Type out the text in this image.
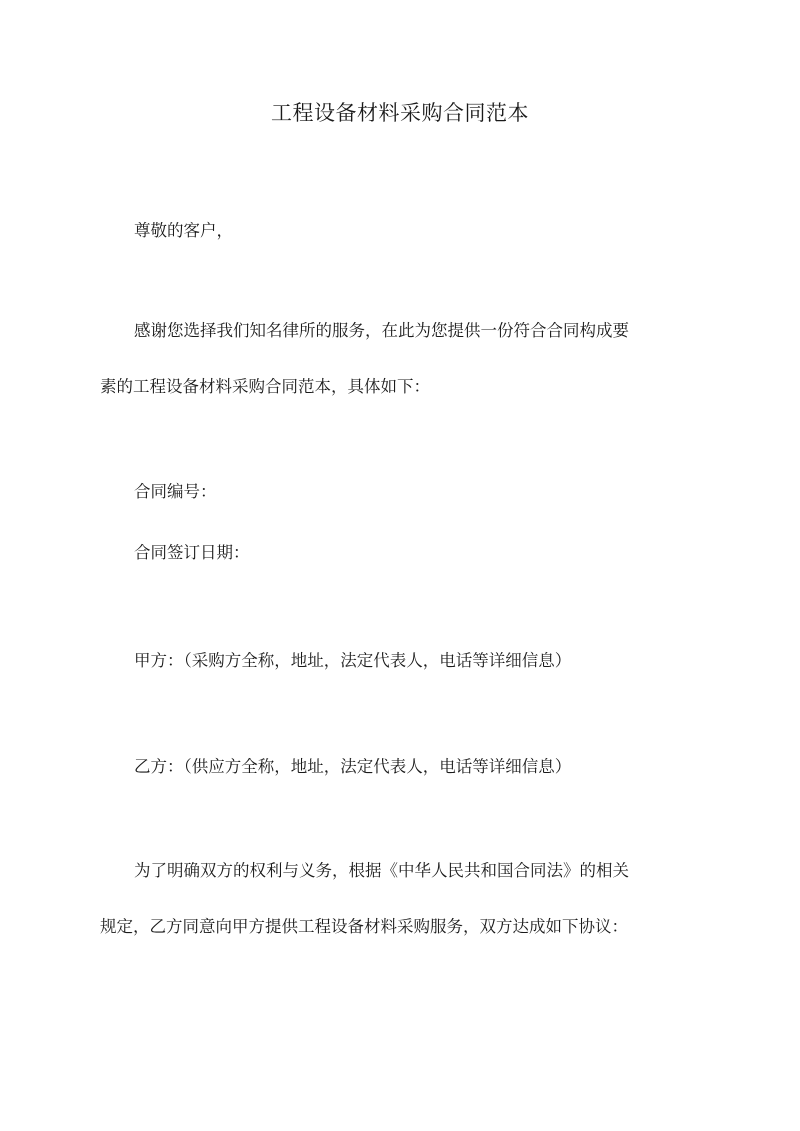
工程设备材料采购合同范本
尊敬的客户，
感谢您选择我们知名律所的服务，在此为您提供一份符合合同构成要
素的工程设备材料采购合同范本，具体如下：
合同编号：
合同签订日期：
甲方：（采购方全称，地址，法定代表人，电话等详细信息）
乙方：（供应方全称，地址，法定代表人，电话等详细信息）
为了明确双方的权利与义务，根据《中华人民共和国合同法》的相关
规定，乙方同意向甲方提供工程设备材料采购服务，双方达成如下协议：
